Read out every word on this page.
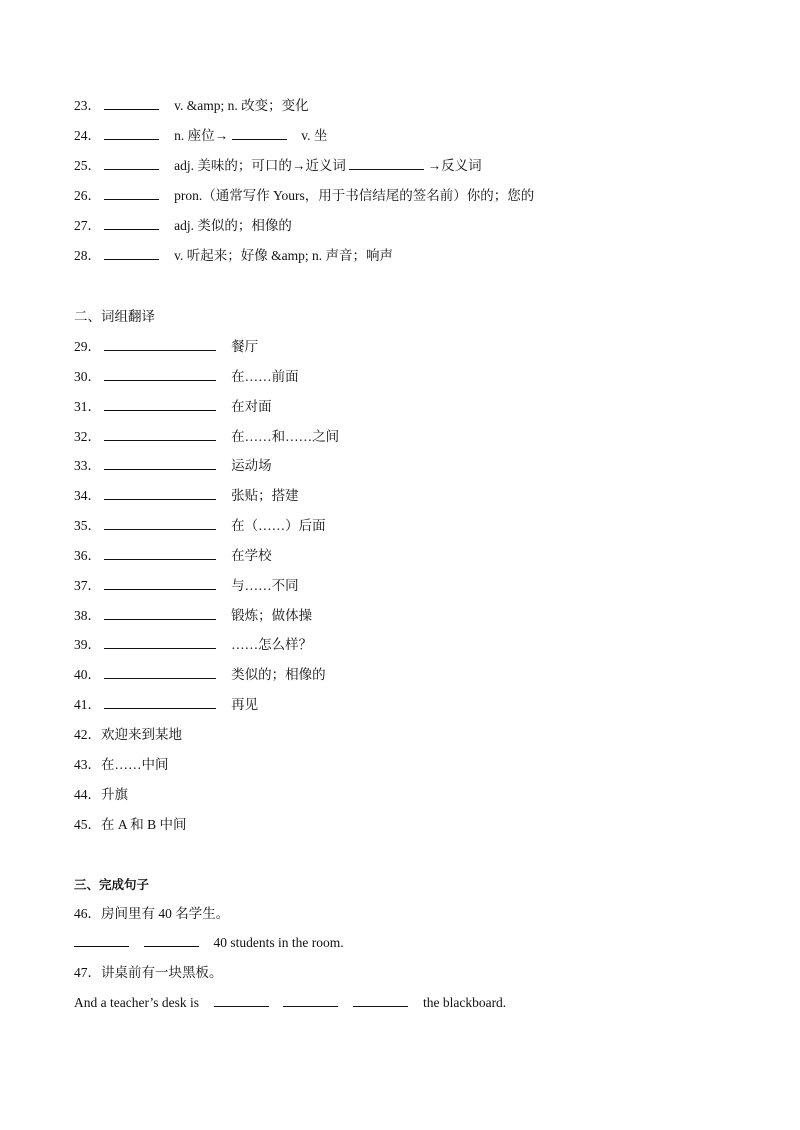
23．	v. &amp; n. 改变；变化
24．	n. 座位→	v. 坐
25．	adj. 美味的；可口的→近义词	→反义词
26．	pron.（通常写作 Yours，用于书信结尾的签名前）你的；您的
27．	adj. 类似的；相像的
28．	v. 听起来；好像 &amp; n. 声音；响声
二、词组翻译
29．	餐厅
30．	在……前面
31．	在对面
32．	在……和……之间
33．	运动场
34．	张贴；搭建
35．	在（……）后面
36．	在学校
37．	与……不同
38．	锻炼；做体操
39．	……怎么样？
40．	类似的；相像的
41．	再见
42．欢迎来到某地
43．在……中间
44．升旗
45．在 A 和 B 中间
三、完成句子
46．房间里有 40 名学生。
40 students in the room.
47．讲桌前有一块黑板。
And a teacher’s desk is	the blackboard.
